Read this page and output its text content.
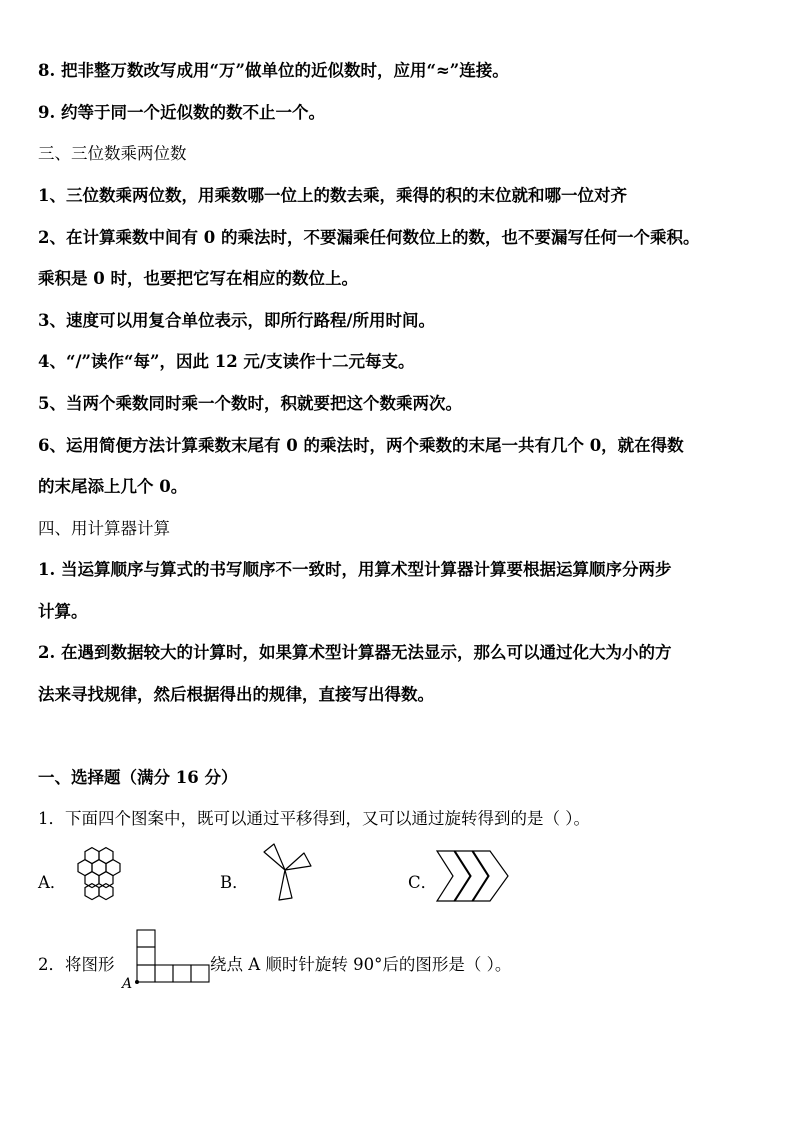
8. 把非整万数改写成用“万”做单位的近似数时，应用“≈”连接。
9. 约等于同一个近似数的数不止一个。
三、三位数乘两位数
1、三位数乘两位数，用乘数哪一位上的数去乘，乘得的积的末位就和哪一位对齐
2、在计算乘数中间有 0 的乘法时，不要漏乘任何数位上的数，也不要漏写任何一个乘积。
乘积是 0 时，也要把它写在相应的数位上。
3、速度可以用复合单位表示，即所行路程/所用时间。
4、“/”读作“每”，因此 12 元/支读作十二元每支。
5、当两个乘数同时乘一个数时，积就要把这个数乘两次。
6、运用简便方法计算乘数末尾有 0 的乘法时，两个乘数的末尾一共有几个 0，就在得数
的末尾添上几个 0。
四、用计算器计算
1. 当运算顺序与算式的书写顺序不一致时，用算术型计算器计算要根据运算顺序分两步
计算。
2. 在遇到数据较大的计算时，如果算术型计算器无法显示，那么可以通过化大为小的方
法来寻找规律，然后根据得出的规律，直接写出得数。
一、选择题（满分 16 分）
1．下面四个图案中，既可以通过平移得到，又可以通过旋转得到的是（ ）。
A．	B．	C．
2．将图形
A
绕点 A 顺时针旋转 90°后的图形是（ ）。
